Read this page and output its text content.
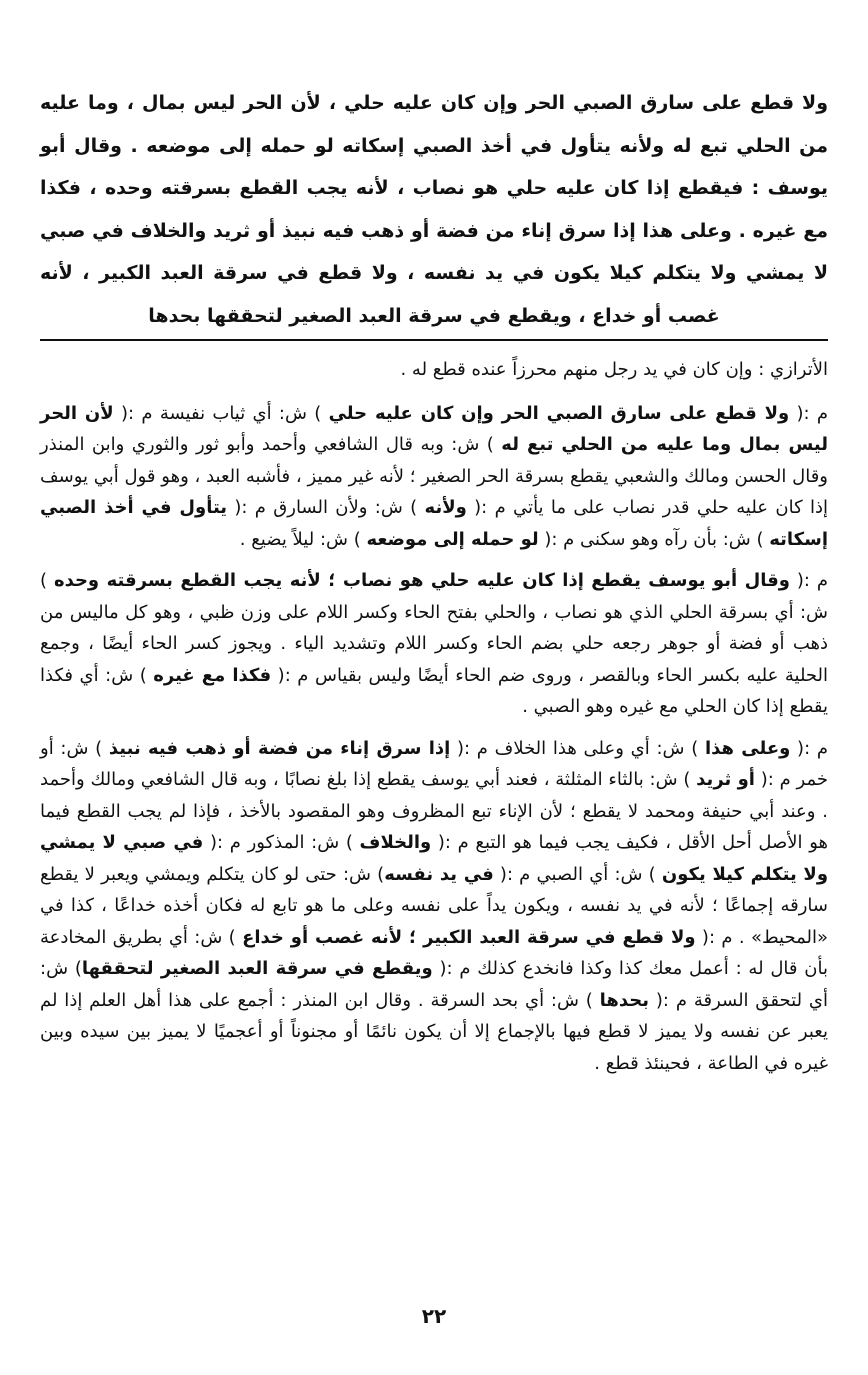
ولا قطع على سارق الصبي الحر وإن كان عليه حلي ، لأن الحر ليس بمال ، وما عليه من الحلي تبع له ولأنه يتأول في أخذ الصبي إسكاته لو حمله إلى موضعه . وقال أبو يوسف : فيقطع إذا كان عليه حلي هو نصاب ، لأنه يجب القطع بسرقته وحده ، فكذا مع غيره . وعلى هذا إذا سرق إناء من فضة أو ذهب فيه نبيذ أو ثريد والخلاف في صبي لا يمشي ولا يتكلم كيلا يكون في يد نفسه ، ولا قطع في سرقة العبد الكبير ، لأنه غصب أو خداع ، ويقطع في سرقة العبد الصغير لتحققها بحدها

الأترازي : وإن كان في يد رجل منهم محرزاً عنده قطع له .

م :( ولا قطع على سارق الصبي الحر وإن كان عليه حلي ) ش: أي ثياب نفيسة م :( لأن الحر ليس بمال وما عليه من الحلي تبع له ) ش: وبه قال الشافعي وأحمد وأبو ثور والثوري وابن المنذر وقال الحسن ومالك والشعبي يقطع بسرقة الحر الصغير ؛ لأنه غير مميز ، فأشبه العبد ، وهو قول أبي يوسف إذا كان عليه حلي قدر نصاب على ما يأتي م :( ولأنه ) ش: ولأن السارق م :( يتأول في أخذ الصبي إسكاته ) ش: بأن رآه وهو سكنى م :( لو حمله إلى موضعه ) ش: ليلاً يضيع .

م :( وقال أبو يوسف يقطع إذا كان عليه حلي هو نصاب ؛ لأنه يجب القطع بسرقته وحده ) ش: أي بسرقة الحلي الذي هو نصاب ، والحلي بفتح الحاء وكسر اللام على وزن ظبي ، وهو كل ماليس من ذهب أو فضة أو جوهر رجعه حلي بضم الحاء وكسر اللام وتشديد الياء . ويجوز كسر الحاء أيضًا ، وجمع الحلية عليه بكسر الحاء وبالقصر ، وروى ضم الحاء أيضًا وليس بقياس م :( فكذا مع غيره ) ش: أي فكذا يقطع إذا كان الحلي مع غيره وهو الصبي .

م :( وعلى هذا ) ش: أي وعلى هذا الخلاف م :( إذا سرق إناء من فضة أو ذهب فيه نبيذ ) ش: أو خمر م :( أو ثريد ) ش: بالثاء المثلثة ، فعند أبي يوسف يقطع إذا بلغ نصابًا ، وبه قال الشافعي ومالك وأحمد . وعند أبي حنيفة ومحمد لا يقطع ؛ لأن الإناء تبع المظروف وهو المقصود بالأخذ ، فإذا لم يجب القطع فيما هو الأصل أحل الأقل ، فكيف يجب فيما هو التبع م :( والخلاف ) ش: المذكور م :( في صبي لا يمشي ولا يتكلم كيلا يكون ) ش: أي الصبي م :( في يد نفسه) ش: حتى لو كان يتكلم ويمشي ويعبر لا يقطع سارقه إجماعًا ؛ لأنه في يد نفسه ، ويكون يداً على نفسه وعلى ما هو تابع له فكان أخذه خداعًا ، كذا في «المحيط» . م :( ولا قطع في سرقة العبد الكبير ؛ لأنه غصب أو خداع ) ش: أي بطريق المخادعة بأن قال له : أعمل معك كذا وكذا فانخدع كذلك م :( ويقطع في سرقة العبد الصغير لتحققها) ش: أي لتحقق السرقة م :( بحدها ) ش: أي بحد السرقة . وقال ابن المنذر : أجمع على هذا أهل العلم إذا لم يعبر عن نفسه ولا يميز لا قطع فيها بالإجماع إلا أن يكون نائمًا أو مجنوناً أو أعجميًا لا يميز بين سيده وبين غيره في الطاعة ، فحينئذ قطع .

٢٢
